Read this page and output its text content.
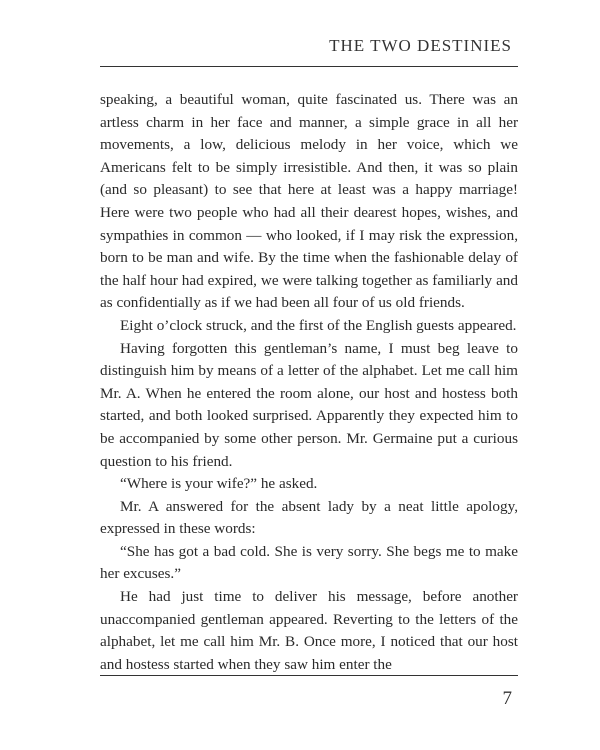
THE TWO DESTINIES

speaking, a beautiful woman, quite fascinated us. There was an artless charm in her face and manner, a simple grace in all her movements, a low, delicious melody in her voice, which we Americans felt to be simply irresistible. And then, it was so plain (and so pleasant) to see that here at least was a happy marriage! Here were two people who had all their dearest hopes, wishes, and sympathies in common — who looked, if I may risk the expression, born to be man and wife. By the time when the fashionable delay of the half hour had expired, we were talking together as familiarly and as confidentially as if we had been all four of us old friends.

Eight o’clock struck, and the first of the English guests appeared.

Having forgotten this gentleman’s name, I must beg leave to distinguish him by means of a letter of the alphabet. Let me call him Mr. A. When he entered the room alone, our host and hostess both started, and both looked surprised. Apparently they expected him to be accompanied by some other person. Mr. Germaine put a curious question to his friend.

“Where is your wife?” he asked.

Mr. A answered for the absent lady by a neat little apology, expressed in these words:

“She has got a bad cold. She is very sorry. She begs me to make her excuses.”

He had just time to deliver his message, before another unaccompanied gentleman appeared. Reverting to the letters of the alphabet, let me call him Mr. B. Once more, I noticed that our host and hostess started when they saw him enter the

7
